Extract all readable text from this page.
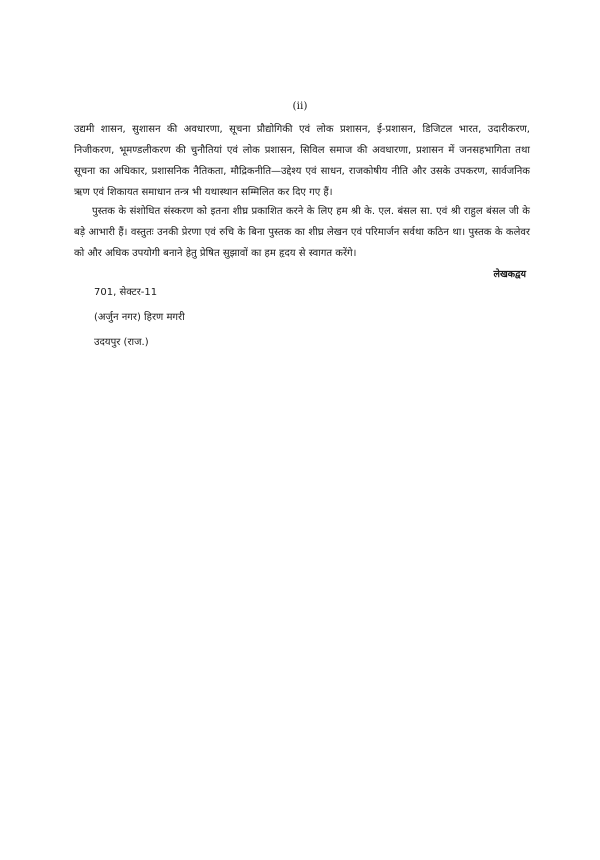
(ii)

उद्यमी शासन, सुशासन की अवधारणा, सूचना प्रौद्योगिकी एवं लोक प्रशासन, ई-प्रशासन, डिजिटल भारत, उदारीकरण, निजीकरण, भूमण्डलीकरण की चुनौतियां एवं लोक प्रशासन, सिविल समाज की अवधारणा, प्रशासन में जनसहभागिता तथा सूचना का अधिकार, प्रशासनिक नैतिकता, मौद्रिकनीति—उद्देश्य एवं साधन, राजकोषीय नीति और उसके उपकरण, सार्वजनिक ऋण एवं शिकायत समाधान तन्त्र भी यथास्थान सम्मिलित कर दिए गए हैं।

पुस्तक के संशोधित संस्करण को इतना शीघ्र प्रकाशित करने के लिए हम श्री के. एल. बंसल सा. एवं श्री राहुल बंसल जी के बड़े आभारी हैं। वस्तुतः उनकी प्रेरणा एवं रुचि के बिना पुस्तक का शीघ्र लेखन एवं परिमार्जन सर्वथा कठिन था। पुस्तक के कलेवर को और अधिक उपयोगी बनाने हेतु प्रेषित सुझावों का हम हृदय से स्वागत करेंगे।

लेखकद्वय
701, सेक्टर-11
(अर्जुन नगर) हिरण मगरी
उदयपुर (राज.)
